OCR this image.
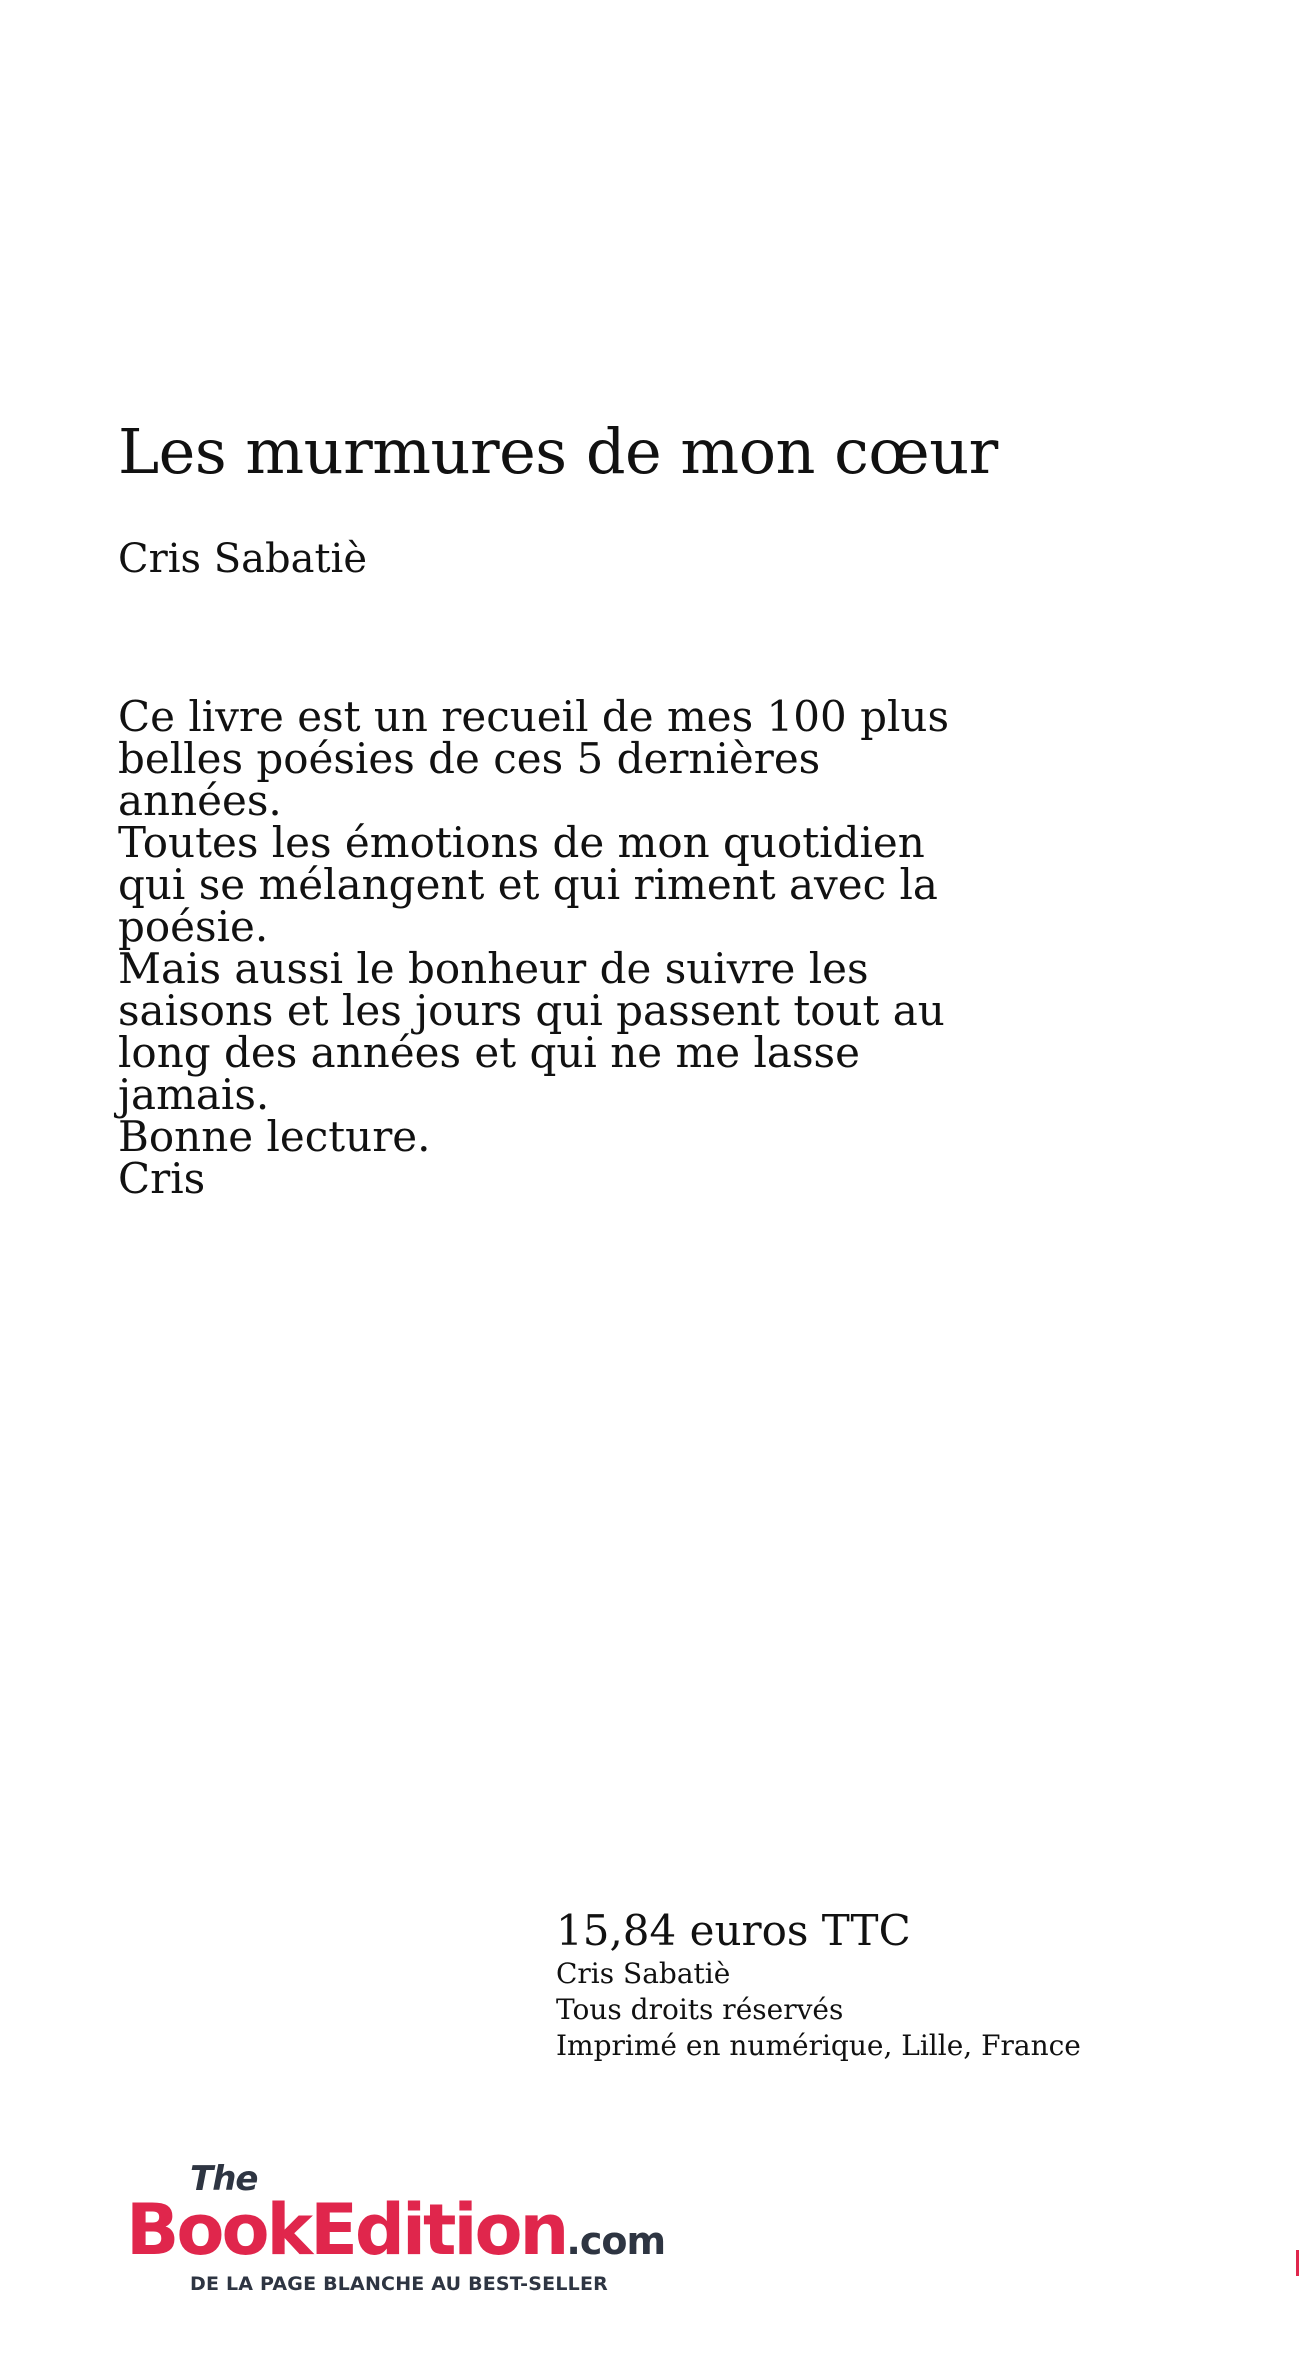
Les murmures de mon cœur
Cris Sabatiè

Ce livre est un recueil de mes 100 plus belles poésies de ces 5 dernières années.

Toutes les émotions de mon quotidien qui se mélangent et qui riment avec la poésie.

Mais aussi le bonheur de suivre les saisons et les jours qui passent tout au long des années et qui ne me lasse jamais.

Bonne lecture.

Cris

15,84 euros TTC
Cris Sabatiè
Tous droits réservés
Imprimé en numérique, Lille, France
The
BookEdition.com
DE LA PAGE BLANCHE AU BEST-SELLER
